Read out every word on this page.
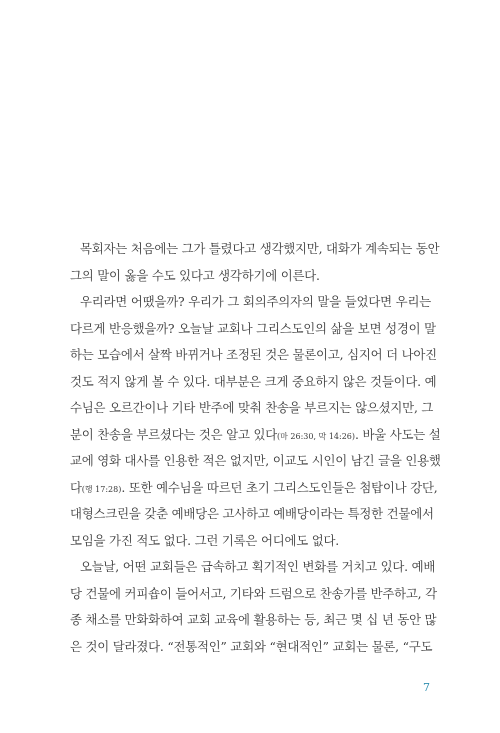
목회자는 처음에는 그가 틀렸다고 생각했지만, 대화가 계속되는 동안
그의 말이 옳을 수도 있다고 생각하기에 이른다.
우리라면 어땠을까? 우리가 그 회의주의자의 말을 들었다면 우리는
다르게 반응했을까? 오늘날 교회나 그리스도인의 삶을 보면 성경이 말
하는 모습에서 살짝 바뀌거나 조정된 것은 물론이고, 심지어 더 나아진
것도 적지 않게 볼 수 있다. 대부분은 크게 중요하지 않은 것들이다. 예
수님은 오르간이나 기타 반주에 맞춰 찬송을 부르지는 않으셨지만, 그
분이 찬송을 부르셨다는 것은 알고 있다(마 26:30, 막 14:26). 바울 사도는 설
교에 영화 대사를 인용한 적은 없지만, 이교도 시인이 남긴 글을 인용했
다(행 17:28). 또한 예수님을 따르던 초기 그리스도인들은 첨탑이나 강단,
대형스크린을 갖춘 예배당은 고사하고 예배당이라는 특정한 건물에서
모임을 가진 적도 없다. 그런 기록은 어디에도 없다.
오늘날, 어떤 교회들은 급속하고 획기적인 변화를 거치고 있다. 예배
당 건물에 커피숍이 들어서고, 기타와 드럼으로 찬송가를 반주하고, 각
종 채소를 만화화하여 교회 교육에 활용하는 등, 최근 몇 십 년 동안 많
은 것이 달라졌다. “전통적인” 교회와 “현대적인” 교회는 물론, “구도
7
